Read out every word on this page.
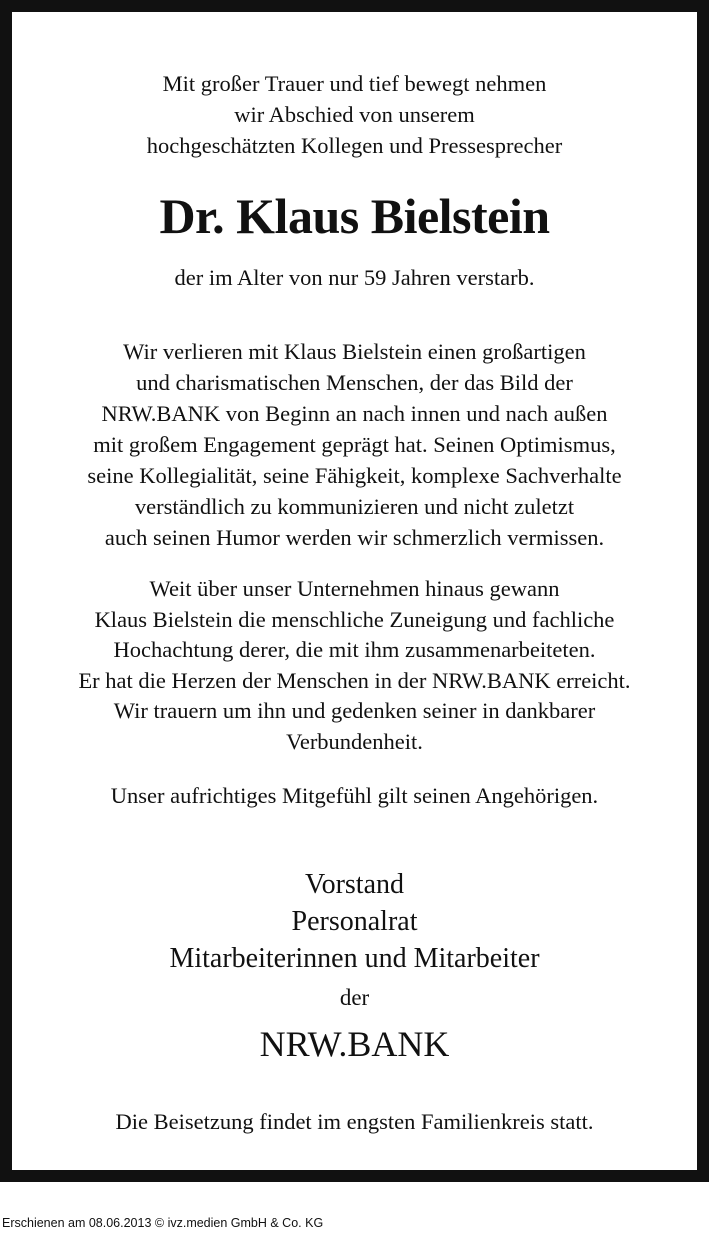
Mit großer Trauer und tief bewegt nehmen
wir Abschied von unserem
hochgeschätzten Kollegen und Pressesprecher
Dr. Klaus Bielstein
der im Alter von nur 59 Jahren verstarb.
Wir verlieren mit Klaus Bielstein einen großartigen
und charismatischen Menschen, der das Bild der
NRW.BANK von Beginn an nach innen und nach außen
mit großem Engagement geprägt hat. Seinen Optimismus,
seine Kollegialität, seine Fähigkeit, komplexe Sachverhalte
verständlich zu kommunizieren und nicht zuletzt
auch seinen Humor werden wir schmerzlich vermissen.
Weit über unser Unternehmen hinaus gewann
Klaus Bielstein die menschliche Zuneigung und fachliche
Hochachtung derer, die mit ihm zusammenarbeiteten.
Er hat die Herzen der Menschen in der NRW.BANK erreicht.
Wir trauern um ihn und gedenken seiner in dankbarer
Verbundenheit.
Unser aufrichtiges Mitgefühl gilt seinen Angehörigen.
Vorstand
Personalrat
Mitarbeiterinnen und Mitarbeiter
der
NRW.BANK
Die Beisetzung findet im engsten Familienkreis statt.
Erschienen am 08.06.2013 © ivz.medien GmbH & Co. KG
